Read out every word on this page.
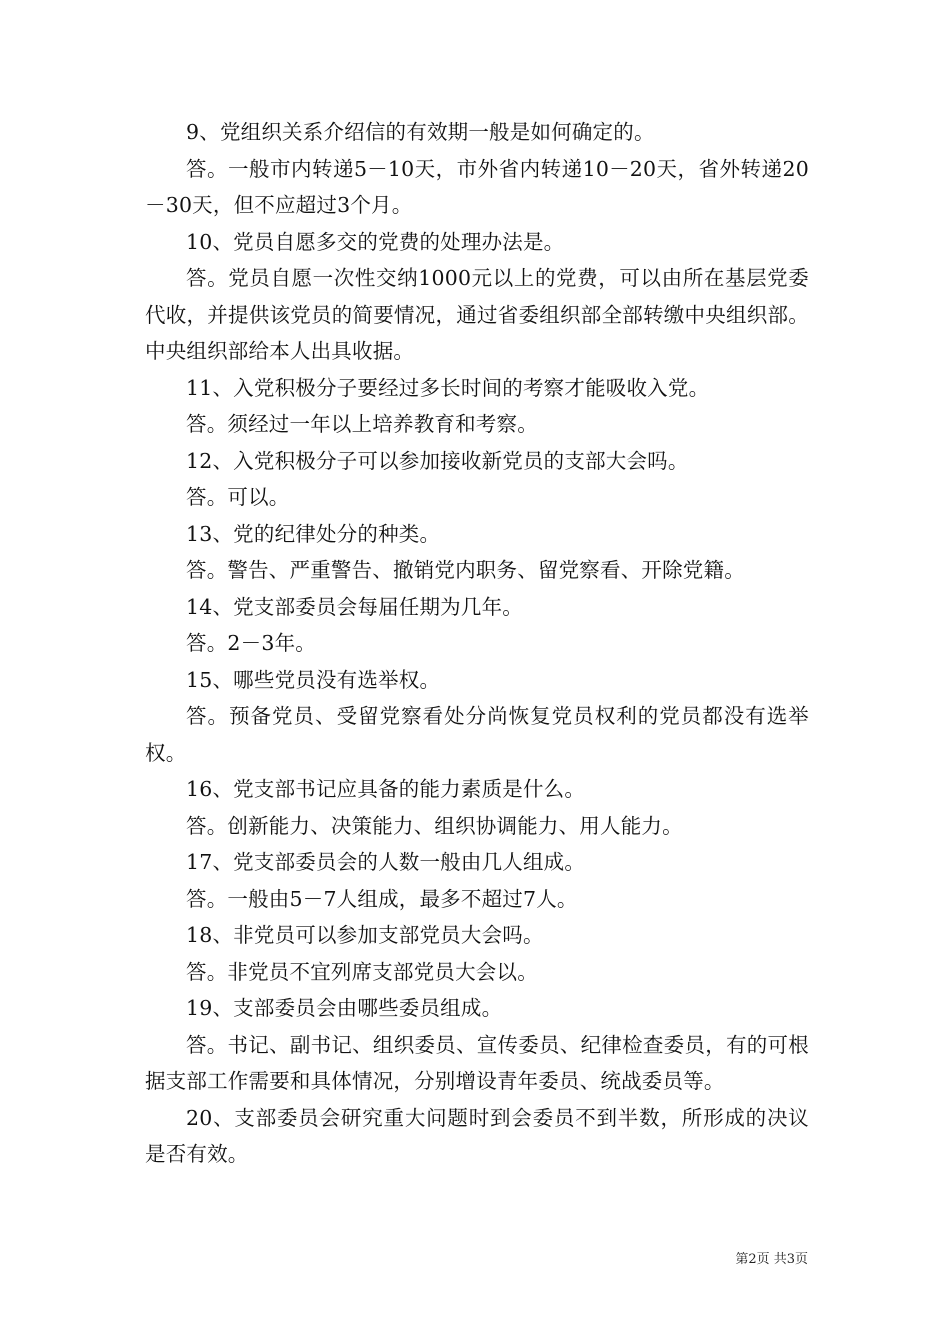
9、党组织关系介绍信的有效期一般是如何确定的。

答。一般市内转递5－10天，市外省内转递10－20天，省外转递20－30天，但不应超过3个月。

10、党员自愿多交的党费的处理办法是。

答。党员自愿一次性交纳1000元以上的党费，可以由所在基层党委代收，并提供该党员的简要情况，通过省委组织部全部转缴中央组织部。中央组织部给本人出具收据。

11、入党积极分子要经过多长时间的考察才能吸收入党。

答。须经过一年以上培养教育和考察。

12、入党积极分子可以参加接收新党员的支部大会吗。

答。可以。

13、党的纪律处分的种类。

答。警告、严重警告、撤销党内职务、留党察看、开除党籍。

14、党支部委员会每届任期为几年。

答。2－3年。

15、哪些党员没有选举权。

答。预备党员、受留党察看处分尚恢复党员权利的党员都没有选举权。

16、党支部书记应具备的能力素质是什么。

答。创新能力、决策能力、组织协调能力、用人能力。

17、党支部委员会的人数一般由几人组成。

答。一般由5－7人组成，最多不超过7人。

18、非党员可以参加支部党员大会吗。

答。非党员不宜列席支部党员大会以。

19、支部委员会由哪些委员组成。

答。书记、副书记、组织委员、宣传委员、纪律检查委员，有的可根据支部工作需要和具体情况，分别增设青年委员、统战委员等。

20、支部委员会研究重大问题时到会委员不到半数，所形成的决议是否有效。

第2页 共3页
